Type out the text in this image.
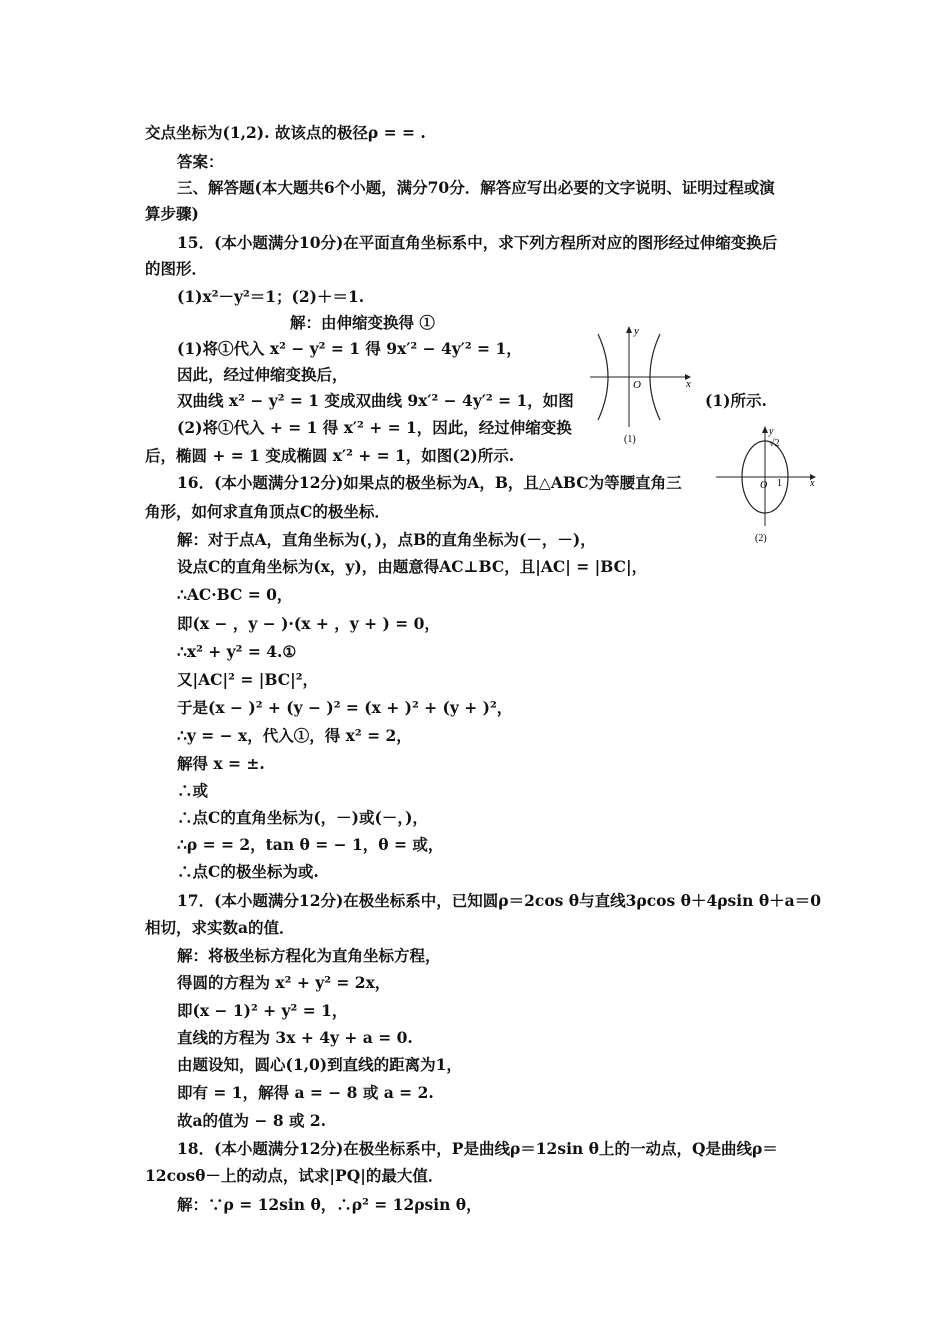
交点坐标为(1,2). 故该点的极径ρ = = .
答案：
三、解答题(本大题共6个小题，满分70分．解答应写出必要的文字说明、证明过程或演
算步骤)
15．(本小题满分10分)在平面直角坐标系中，求下列方程所对应的图形经过伸缩变换后
的图形．
(1)x²－y²＝1；(2)＋＝1.
解：由伸缩变换得 ①
(1)将①代入 x² − y² = 1 得 9x′² − 4y′² = 1，
因此，经过伸缩变换后，
双曲线 x² − y² = 1 变成双曲线 9x′² − 4y′² = 1，如图	(1)所示.
(2)将①代入 + = 1 得 x′² + = 1，因此，经过伸缩变换
后，椭圆 + = 1 变成椭圆 x′² + = 1，如图(2)所示.
16．(本小题满分12分)如果点的极坐标为A，B，且△ABC为等腰直角三
角形，如何求直角顶点C的极坐标．
解：对于点A，直角坐标为(，)，点B的直角坐标为(－，－)，
设点C的直角坐标为(x，y)，由题意得AC⊥BC，且|AC| = |BC|，
∴AC·BC = 0，
即(x − ，y − )·(x + ，y + ) = 0，
∴x² + y² = 4.①
又|AC|² = |BC|²，
于是(x − )² + (y − )² = (x + )² + (y + )²，
∴y = − x，代入①，得 x² = 2，
解得 x = ±.
∴或
∴点C的直角坐标为(，－)或(－，)，
∴ρ = = 2，tan θ = − 1，θ = 或，
∴点C的极坐标为或.
17．(本小题满分12分)在极坐标系中，已知圆ρ＝2cos θ与直线3ρcos θ＋4ρsin θ＋a＝0
相切，求实数a的值．
解：将极坐标方程化为直角坐标方程，
得圆的方程为 x² + y² = 2x，
即(x − 1)² + y² = 1，
直线的方程为 3x + 4y + a = 0.
由题设知，圆心(1,0)到直线的距离为1，
即有 = 1，解得 a = − 8 或 a = 2.
故a的值为 − 8 或 2.
18．(本小题满分12分)在极坐标系中，P是曲线ρ＝12sin θ上的一动点，Q是曲线ρ＝
12cosθ－上的动点，试求|PQ|的最大值．
解：∵ρ = 12sin θ，∴ρ² = 12ρsin θ，
y
x
O
(1)
y
x
O 1
√2
(2)
